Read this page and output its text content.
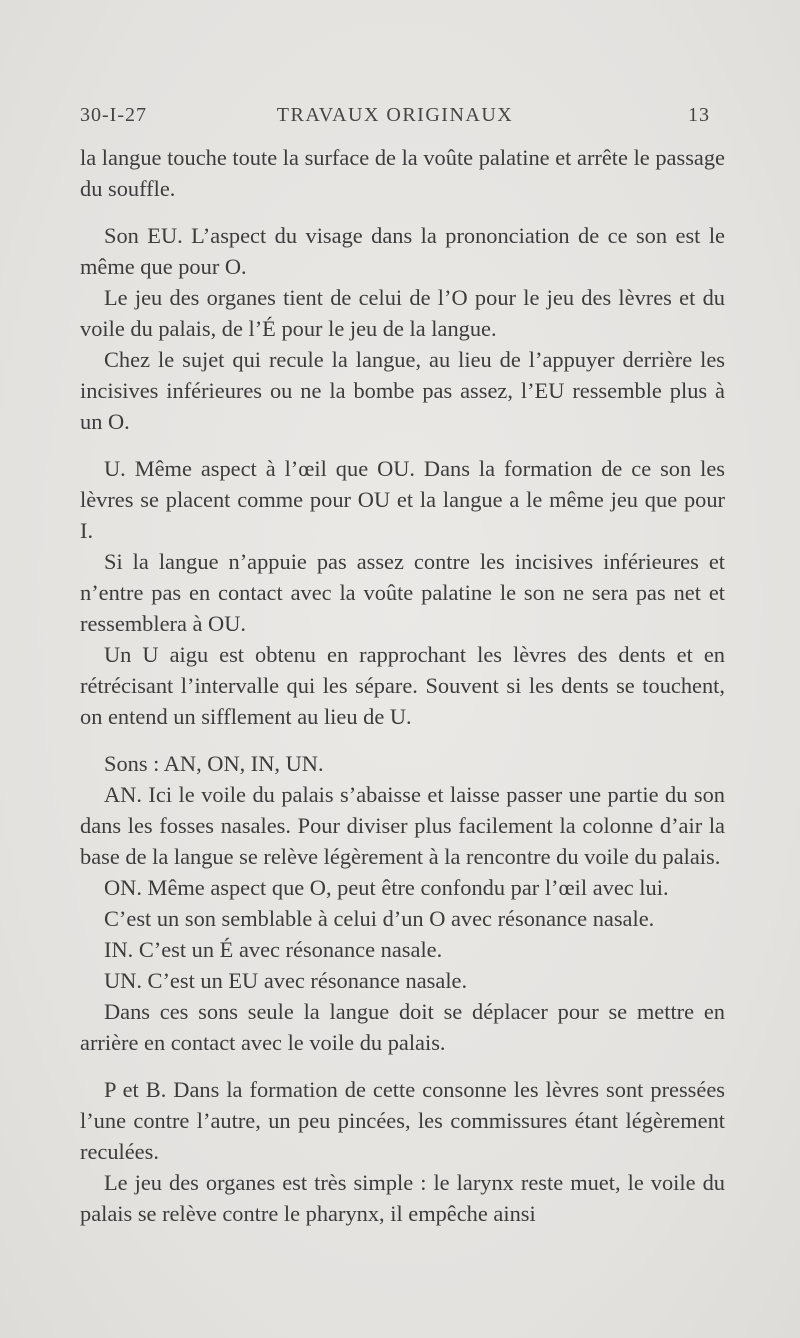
30-I-27	TRAVAUX ORIGINAUX	13

la langue touche toute la surface de la voûte palatine et arrête le passage du souffle.

Son EU. L’aspect du visage dans la prononciation de ce son est le même que pour O.

Le jeu des organes tient de celui de l’O pour le jeu des lèvres et du voile du palais, de l’É pour le jeu de la langue.

Chez le sujet qui recule la langue, au lieu de l’appuyer derrière les incisives inférieures ou ne la bombe pas assez, l’EU ressemble plus à un O.

U. Même aspect à l’œil que OU. Dans la formation de ce son les lèvres se placent comme pour OU et la langue a le même jeu que pour I.

Si la langue n’appuie pas assez contre les incisives inférieures et n’entre pas en contact avec la voûte palatine le son ne sera pas net et ressemblera à OU.

Un U aigu est obtenu en rapprochant les lèvres des dents et en rétrécisant l’intervalle qui les sépare. Souvent si les dents se touchent, on entend un sifflement au lieu de U.

Sons : AN, ON, IN, UN.

AN. Ici le voile du palais s’abaisse et laisse passer une partie du son dans les fosses nasales. Pour diviser plus facilement la colonne d’air la base de la langue se relève légèrement à la rencontre du voile du palais.

ON. Même aspect que O, peut être confondu par l’œil avec lui.

C’est un son semblable à celui d’un O avec résonance nasale.

IN. C’est un É avec résonance nasale.

UN. C’est un EU avec résonance nasale.

Dans ces sons seule la langue doit se déplacer pour se mettre en arrière en contact avec le voile du palais.

P et B. Dans la formation de cette consonne les lèvres sont pressées l’une contre l’autre, un peu pincées, les commissures étant légèrement reculées.

Le jeu des organes est très simple : le larynx reste muet, le voile du palais se relève contre le pharynx, il empêche ainsi
